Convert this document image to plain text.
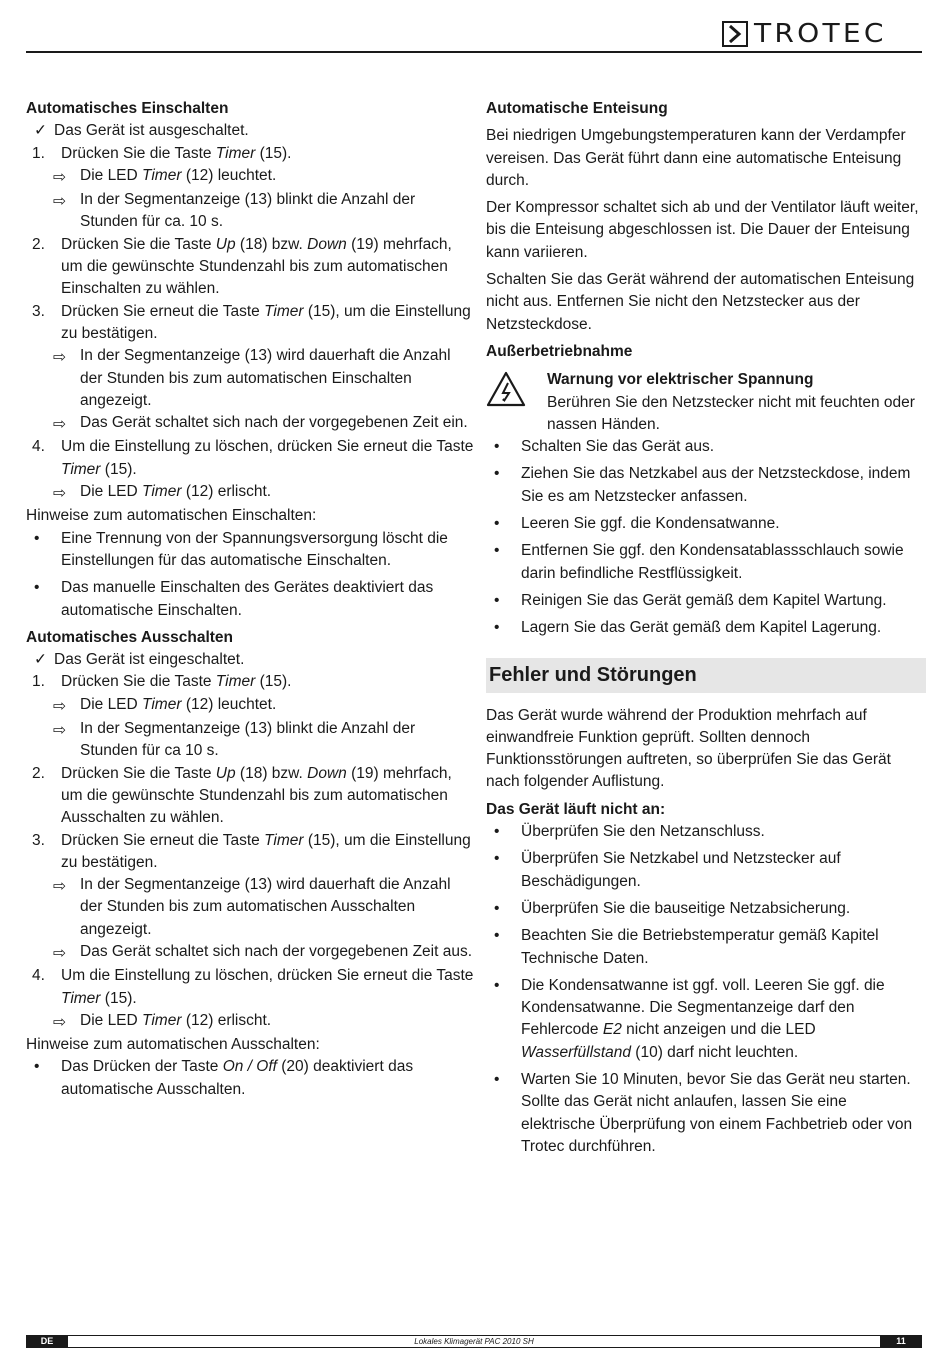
TROTEC

Automatisches Einschalten

✓ Das Gerät ist ausgeschaltet.
1.	Drücken Sie die Taste Timer (15).
⇨ Die LED Timer (12) leuchtet.
⇨ In der Segmentanzeige (13) blinkt die Anzahl der Stunden für ca. 10 s.
2.	Drücken Sie die Taste Up (18) bzw. Down (19) mehrfach, um die gewünschte Stundenzahl bis zum automatischen Einschalten zu wählen.
3.	Drücken Sie erneut die Taste Timer (15), um die Einstellung zu bestätigen.
⇨ In der Segmentanzeige (13) wird dauerhaft die Anzahl der Stunden bis zum automatischen Einschalten angezeigt.
⇨ Das Gerät schaltet sich nach der vorgegebenen Zeit ein.
4.	Um die Einstellung zu löschen, drücken Sie erneut die Taste Timer (15).
⇨ Die LED Timer (12) erlischt.

Hinweise zum automatischen Einschalten:

•	Eine Trennung von der Spannungsversorgung löscht die Einstellungen für das automatische Einschalten.
•	Das manuelle Einschalten des Gerätes deaktiviert das automatische Einschalten.

Automatisches Ausschalten

✓ Das Gerät ist eingeschaltet.
1.	Drücken Sie die Taste Timer (15).
⇨ Die LED Timer (12) leuchtet.
⇨ In der Segmentanzeige (13) blinkt die Anzahl der Stunden für ca 10 s.
2.	Drücken Sie die Taste Up (18) bzw. Down (19) mehrfach, um die gewünschte Stundenzahl bis zum automatischen Ausschalten zu wählen.
3.	Drücken Sie erneut die Taste Timer (15), um die Einstellung zu bestätigen.
⇨ In der Segmentanzeige (13) wird dauerhaft die Anzahl der Stunden bis zum automatischen Ausschalten angezeigt.
⇨ Das Gerät schaltet sich nach der vorgegebenen Zeit aus.
4.	Um die Einstellung zu löschen, drücken Sie erneut die Taste Timer (15).
⇨ Die LED Timer (12) erlischt.

Hinweise zum automatischen Ausschalten:

•	Das Drücken der Taste On / Off (20) deaktiviert das automatische Ausschalten.

Automatische Enteisung

Bei niedrigen Umgebungstemperaturen kann der Verdampfer vereisen. Das Gerät führt dann eine automatische Enteisung durch.

Der Kompressor schaltet sich ab und der Ventilator läuft weiter, bis die Enteisung abgeschlossen ist. Die Dauer der Enteisung kann variieren.

Schalten Sie das Gerät während der automatischen Enteisung nicht aus. Entfernen Sie nicht den Netzstecker aus der Netzsteckdose.

Außerbetriebnahme

Warnung vor elektrischer Spannung

Berühren Sie den Netzstecker nicht mit feuchten oder nassen Händen.

•	Schalten Sie das Gerät aus.
•	Ziehen Sie das Netzkabel aus der Netzsteckdose, indem Sie es am Netzstecker anfassen.
•	Leeren Sie ggf. die Kondensatwanne.
•	Entfernen Sie ggf. den Kondensatablassschlauch sowie darin befindliche Restflüssigkeit.
•	Reinigen Sie das Gerät gemäß dem Kapitel Wartung.
•	Lagern Sie das Gerät gemäß dem Kapitel Lagerung.
Fehler und Störungen

Das Gerät wurde während der Produktion mehrfach auf einwandfreie Funktion geprüft. Sollten dennoch Funktionsstörungen auftreten, so überprüfen Sie das Gerät nach folgender Auflistung.

Das Gerät läuft nicht an:

•	Überprüfen Sie den Netzanschluss.
•	Überprüfen Sie Netzkabel und Netzstecker auf Beschädigungen.
•	Überprüfen Sie die bauseitige Netzabsicherung.
•	Beachten Sie die Betriebstemperatur gemäß Kapitel Technische Daten.
•	Die Kondensatwanne ist ggf. voll. Leeren Sie ggf. die Kondensatwanne. Die Segmentanzeige darf den Fehlercode E2 nicht anzeigen und die LED Wasserfüllstand (10) darf nicht leuchten.
•	Warten Sie 10 Minuten, bevor Sie das Gerät neu starten. Sollte das Gerät nicht anlaufen, lassen Sie eine elektrische Überprüfung von einem Fachbetrieb oder von Trotec durchführen.
Lokales Klimagerät PAC 2010 SH
DE	11
